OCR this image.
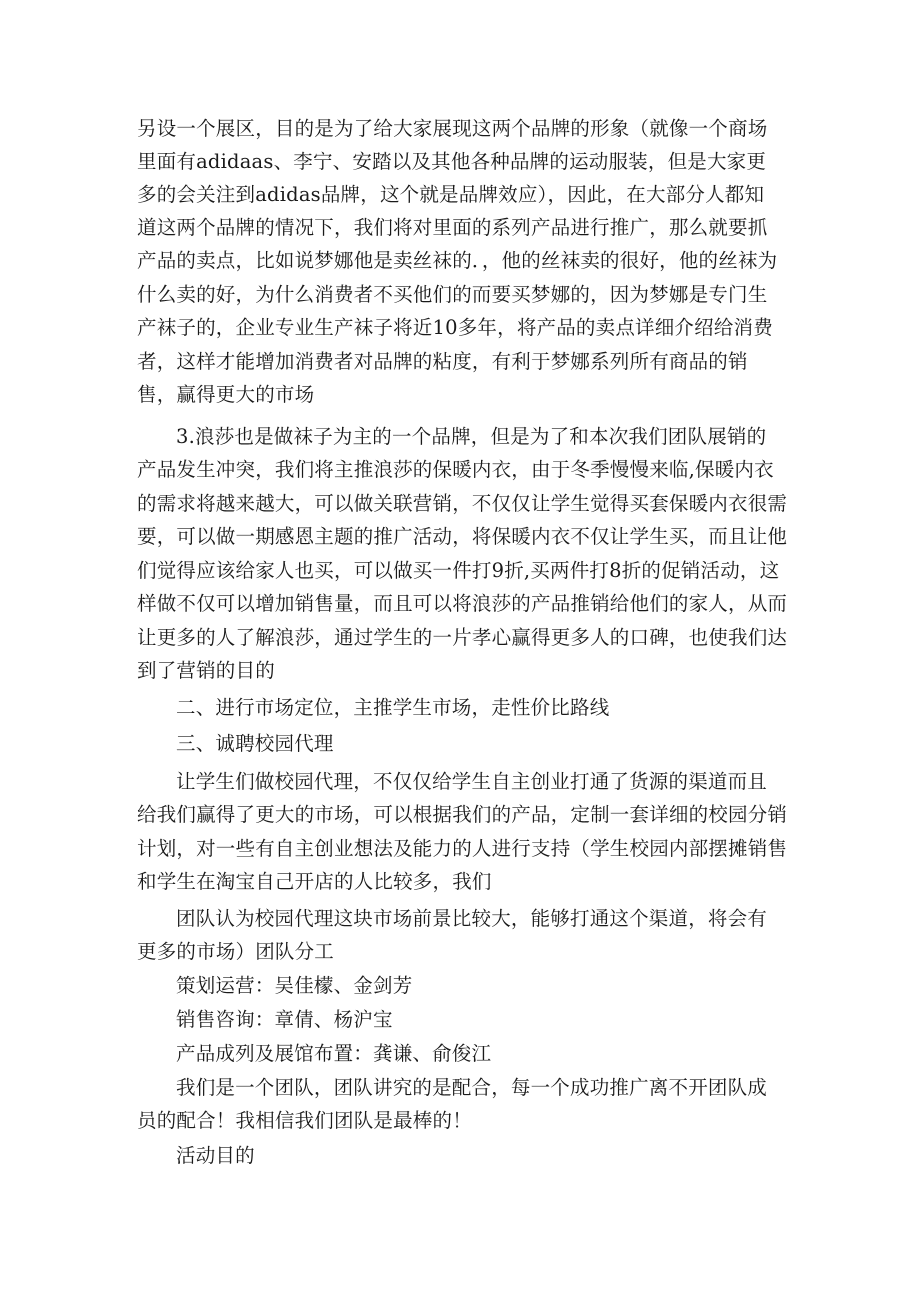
另设一个展区，目的是为了给大家展现这两个品牌的形象（就像一个商场

里面有adidaas、李宁、安踏以及其他各种品牌的运动服装，但是大家更

多的会关注到adidas品牌，这个就是品牌效应），因此，在大部分人都知

道这两个品牌的情况下，我们将对里面的系列产品进行推广，那么就要抓

产品的卖点，比如说梦娜他是卖丝袜的．，他的丝袜卖的很好，他的丝袜为

什么卖的好，为什么消费者不买他们的而要买梦娜的，因为梦娜是专门生

产袜子的，企业专业生产袜子将近10多年，将产品的卖点详细介绍给消费

者，这样才能增加消费者对品牌的粘度，有利于梦娜系列所有商品的销

售，赢得更大的市场

3.浪莎也是做袜子为主的一个品牌，但是为了和本次我们团队展销的

产品发生冲突，我们将主推浪莎的保暖内衣，由于冬季慢慢来临,保暖内衣

的需求将越来越大，可以做关联营销，不仅仅让学生觉得买套保暖内衣很需

要，可以做一期感恩主题的推广活动，将保暖内衣不仅让学生买，而且让他

们觉得应该给家人也买，可以做买一件打9折,买两件打8折的促销活动，这

样做不仅可以增加销售量，而且可以将浪莎的产品推销给他们的家人，从而

让更多的人了解浪莎，通过学生的一片孝心赢得更多人的口碑，也使我们达

到了营销的目的

二、进行市场定位，主推学生市场，走性价比路线

三、诚聘校园代理

让学生们做校园代理，不仅仅给学生自主创业打通了货源的渠道而且

给我们赢得了更大的市场，可以根据我们的产品，定制一套详细的校园分销

计划，对一些有自主创业想法及能力的人进行支持（学生校园内部摆摊销售

和学生在淘宝自己开店的人比较多，我们

团队认为校园代理这块市场前景比较大，能够打通这个渠道，将会有

更多的市场）团队分工

策划运营：吴佳檬、金剑芳

销售咨询：章倩、杨沪宝

产品成列及展馆布置：龚谦、俞俊江

我们是一个团队，团队讲究的是配合，每一个成功推广离不开团队成

员的配合！我相信我们团队是最棒的！

活动目的
